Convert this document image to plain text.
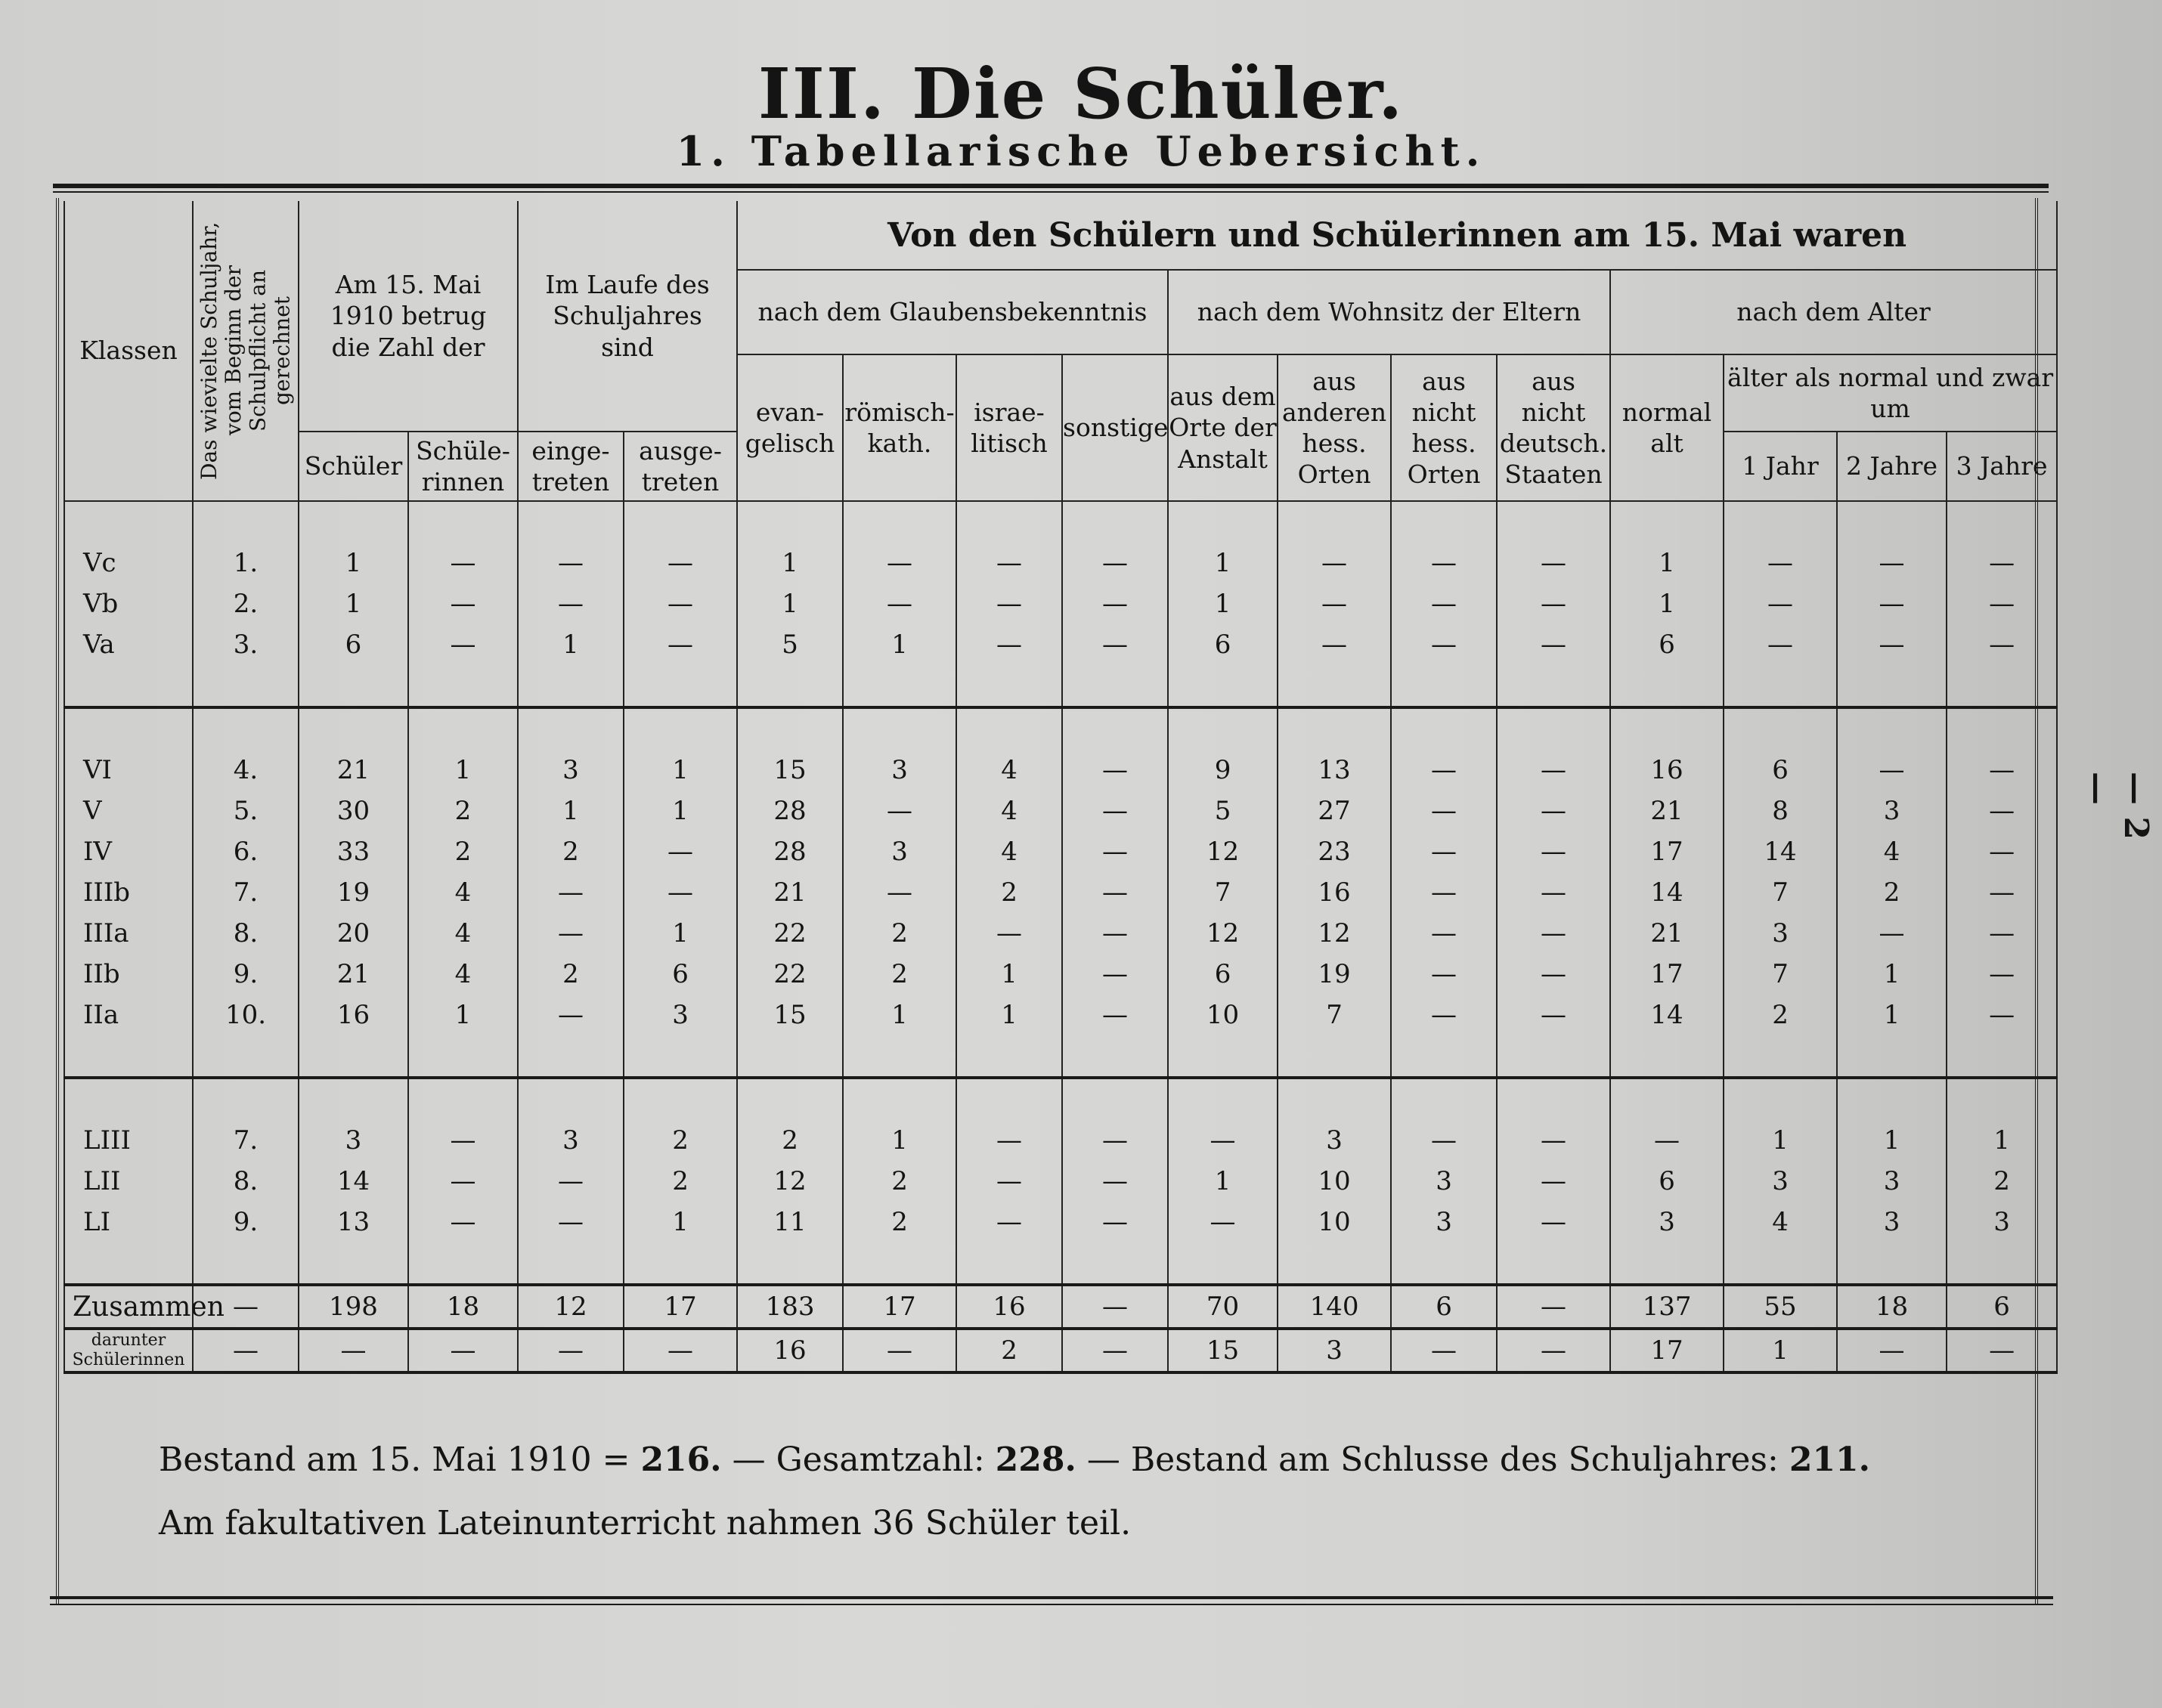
III. Die Schüler.
1. Tabellarische Uebersicht.
— 2 —
Klassen	Das wievielte Schuljahr, vom Beginn der Schulpflicht an gerechnet	Am 15. Mai 1910 betrug die Zahl der		Im Laufe des Schuljahres sind		Von den Schülern und Schülerinnen am 15. Mai waren											
						nach dem Glaubensbekenntnis				nach dem Wohnsitz der Eltern				nach dem Alter			
						evan-gelisch	römisch-kath.	israe-litisch	sonstige	aus dem Orte der Anstalt	aus anderen hess. Orten	aus nicht hess. Orten	aus nicht deutsch. Staaten	normal alt	älter als normal und zwar um		
		Schüler	Schüle-rinnen	einge-treten	ausge-treten										1 Jahr	2 Jahre	3 Jahre

Vc	1.	1	—	—	—	1	—	—	—	1	—	—	—	1	—	—	—
Vb	2.	1	—	—	—	1	—	—	—	1	—	—	—	1	—	—	—
Va	3.	6	—	1	—	5	1	—	—	6	—	—	—	6	—	—	—

VI	4.	21	1	3	1	15	3	4	—	9	13	—	—	16	6	—	—
V	5.	30	2	1	1	28	—	4	—	5	27	—	—	21	8	3	—
IV	6.	33	2	2	—	28	3	4	—	12	23	—	—	17	14	4	—
IIIb	7.	19	4	—	—	21	—	2	—	7	16	—	—	14	7	2	—
IIIa	8.	20	4	—	1	22	2	—	—	12	12	—	—	21	3	—	—
IIb	9.	21	4	2	6	22	2	1	—	6	19	—	—	17	7	1	—
IIa	10.	16	1	—	3	15	1	1	—	10	7	—	—	14	2	1	—

LIII	7.	3	—	3	2	2	1	—	—	—	3	—	—	—	1	1	1
LII	8.	14	—	—	2	12	2	—	—	1	10	3	—	6	3	3	2
LI	9.	13	—	—	1	11	2	—	—	—	10	3	—	3	4	3	3

Zusammen	—	198	18	12	17	183	17	16	—	70	140	6	—	137	55	18	6
darunter Schülerinnen	—	—	—	—	—	16	—	2	—	15	3	—	—	17	1	—	—
Bestand am 15. Mai 1910 = 216. — Gesamtzahl: 228. — Bestand am Schlusse des Schuljahres: 211.
Am fakultativen Lateinunterricht nahmen 36 Schüler teil.
